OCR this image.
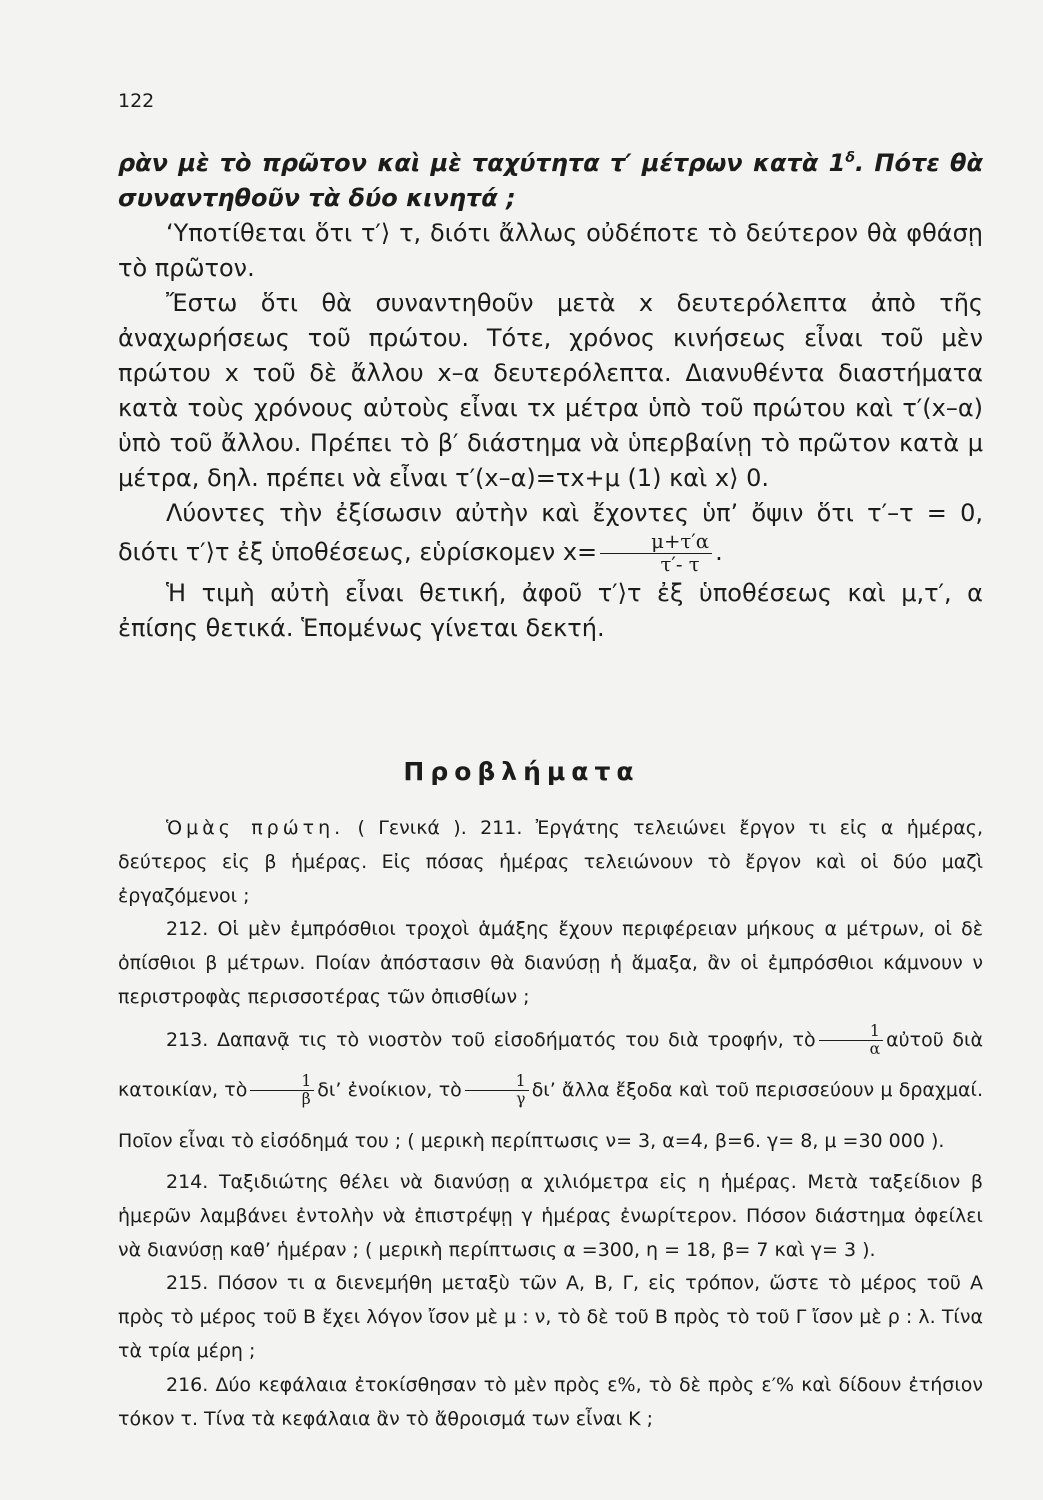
122

ρὰν μὲ τὸ πρῶτον καὶ μὲ ταχύτητα τ′ μέτρων κατὰ $1^\delta$. Πότε θὰ συναντηθοῦν τὰ δύο κινητά ;

‘Υποτίθεται ὅτι τ′⟩ τ, διότι ἄλλως οὐδέποτε τὸ δεύτερον θὰ φθάσῃ τὸ πρῶτον.

Ἔστω ὅτι θὰ συναντηθοῦν μετὰ x δευτερόλεπτα ἀπὸ τῆς ἀναχωρήσεως τοῦ πρώτου. Τότε, χρόνος κινήσεως εἶναι τοῦ μὲν πρώτου x τοῦ δὲ ἄλλου x–α δευτερόλεπτα. Διανυθέντα διαστήματα κατὰ τοὺς χρόνους αὐτοὺς εἶναι τx μέτρα ὑπὸ τοῦ πρώτου καὶ τ′(x–α) ὑπὸ τοῦ ἄλλου. Πρέπει τὸ β′ διάστημα νὰ ὑπερβαίνῃ τὸ πρῶτον κατὰ μ μέτρα, δηλ. πρέπει νὰ εἶναι τ′(x–α)=τx+μ (1) καὶ x⟩ 0.

Λύοντες τὴν ἐξίσωσιν αὐτὴν καὶ ἔχοντες ὑπ’ ὄψιν ὅτι τ′–τ = 0, διότι τ′⟩τ ἐξ ὑποθέσεως, εὑρίσκομεν $x= \frac{\mu+\tau'\alpha}{\tau'- \tau}$ .

Ἡ τιμὴ αὐτὴ εἶναι θετική, ἀφοῦ τ′⟩τ ἐξ ὑποθέσεως καὶ μ,τ′, α ἐπίσης θετικά. Ἑπομένως γίνεται δεκτή.

Προβλήματα

Ὁμὰς πρώτη. ( Γενικά ). 211. Ἐργάτης τελειώνει ἔργον τι εἰς α ἡμέρας, δεύτερος εἰς β ἡμέρας. Εἰς πόσας ἡμέρας τελειώνουν τὸ ἔργον καὶ οἱ δύο μαζὶ ἐργαζόμενοι ;

212. Οἱ μὲν ἐμπρόσθιοι τροχοὶ ἁμάξης ἔχουν περιφέρειαν μήκους α μέτρων, οἱ δὲ ὀπίσθιοι β μέτρων. Ποίαν ἀπόστασιν θὰ διανύσῃ ἡ ἅμαξα, ἂν οἱ ἐμπρόσθιοι κάμνουν ν περιστροφὰς περισσοτέρας τῶν ὀπισθίων ;

213. Δαπανᾷ τις τὸ νιοστὸν τοῦ εἰσοδήματός του διὰ τροφήν, τὸ $\frac{1}{\alpha}$ αὐτοῦ διὰ κατοικίαν, τὸ $\frac{1}{\beta} \delta\iota$’ ἐνοίκιον, τὸ $\frac{1}{\gamma} \delta\iota$’ ἄλλα ἔξοδα καὶ τοῦ περισσεύουν μ δραχμαί. Ποῖον εἶναι τὸ εἰσόδημά του ; ( μερικὴ περίπτωσις ν= 3, α=4, β=6. γ= 8, μ =30 000 ).

214. Ταξιδιώτης θέλει νὰ διανύσῃ α χιλιόμετρα εἰς η ἡμέρας. Μετὰ ταξείδιον β ἡμερῶν λαμβάνει ἐντολὴν νὰ ἐπιστρέψῃ γ ἡμέρας ἐνωρίτερον. Πόσον διάστημα ὀφείλει νὰ διανύσῃ καθ’ ἡμέραν ; ( μερικὴ περίπτωσις α =300, η = 18, β= 7 καὶ γ= 3 ).

215. Πόσον τι α διενεμήθη μεταξὺ τῶν Α, Β, Γ, εἰς τρόπον, ὥστε τὸ μέρος τοῦ Α πρὸς τὸ μέρος τοῦ Β ἔχει λόγον ἴσον μὲ μ : ν, τὸ δὲ τοῦ Β πρὸς τὸ τοῦ Γ ἴσον μὲ ρ : λ. Τίνα τὰ τρία μέρη ;

216. Δύο κεφάλαια ἐτοκίσθησαν τὸ μὲν πρὸς ε%, τὸ δὲ πρὸς ε′% καὶ δίδουν ἐτήσιον τόκον τ. Τίνα τὰ κεφάλαια ἂν τὸ ἄθροισμά των εἶναι Κ ;
